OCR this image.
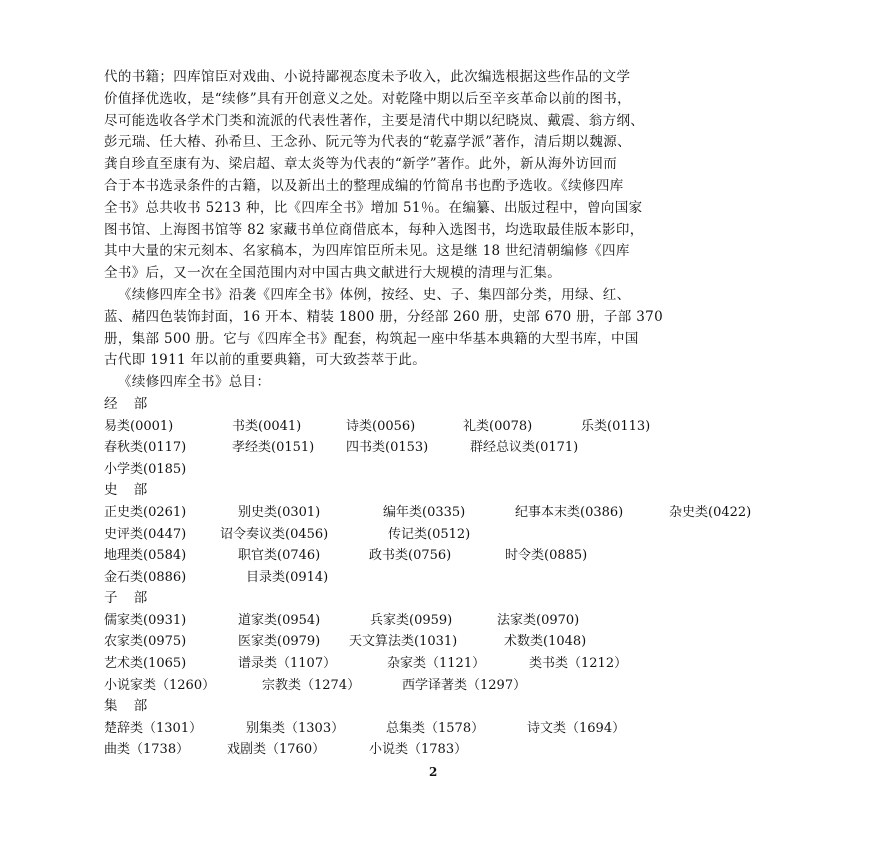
代的书籍；四库馆臣对戏曲、小说持鄙视态度未予收入，此次编选根据这些作品的文学
价值择优选收，是“续修”具有开创意义之处。对乾隆中期以后至辛亥革命以前的图书，
尽可能选收各学术门类和流派的代表性著作，主要是清代中期以纪晓岚、戴震、翁方纲、
彭元瑞、任大椿、孙希旦、王念孙、阮元等为代表的“乾嘉学派”著作，清后期以魏源、
龚自珍直至康有为、梁启超、章太炎等为代表的“新学”著作。此外，新从海外访回而
合于本书选录条件的古籍，以及新出土的整理成编的竹简帛书也酌予选收。《续修四库
全书》总共收书 5213 种，比《四库全书》增加 51％。在编纂、出版过程中，曾向国家
图书馆、上海图书馆等 82 家藏书单位商借底本，每种入选图书，均选取最佳版本影印，
其中大量的宋元刻本、名家稿本，为四库馆臣所未见。这是继 18 世纪清朝编修《四库
全书》后，又一次在全国范围内对中国古典文献进行大规模的清理与汇集。
《续修四库全书》沿袭《四库全书》体例，按经、史、子、集四部分类，用绿、红、
蓝、赭四色装饰封面，16 开本、精装 1800 册，分经部 260 册，史部 670 册，子部 370
册，集部 500 册。它与《四库全书》配套，构筑起一座中华基本典籍的大型书库，中国
古代即 1911 年以前的重要典籍，可大致荟萃于此。
《续修四库全书》总目：
经 部
易类(0001)	书类(0041)	诗类(0056)	礼类(0078)	乐类(0113)
春秋类(0117)	孝经类(0151) 四书类(0153)	群经总议类(0171)
小学类(0185)
史 部
正史类(0261)	别史类(0301)	编年类(0335)	纪事本末类(0386)	杂史类(0422)
史评类(0447)	诏令奏议类(0456)	传记类(0512)
地理类(0584)	职官类(0746)	政书类(0756)	时令类(0885)
金石类(0886)	目录类(0914)
子 部
儒家类(0931)	道家类(0954)	兵家类(0959)	法家类(0970)
农家类(0975)	医家类(0979) 天文算法类(1031)	术数类(1048)
艺术类(1065)	谱录类（1107）	杂家类（1121）	类书类（1212）
小说家类（1260）	宗教类（1274）	西学译著类（1297）
集 部
楚辞类（1301）	别集类（1303）	总集类（1578）	诗文类（1694）
曲类（1738）	戏剧类（1760）	小说类（1783）
2
